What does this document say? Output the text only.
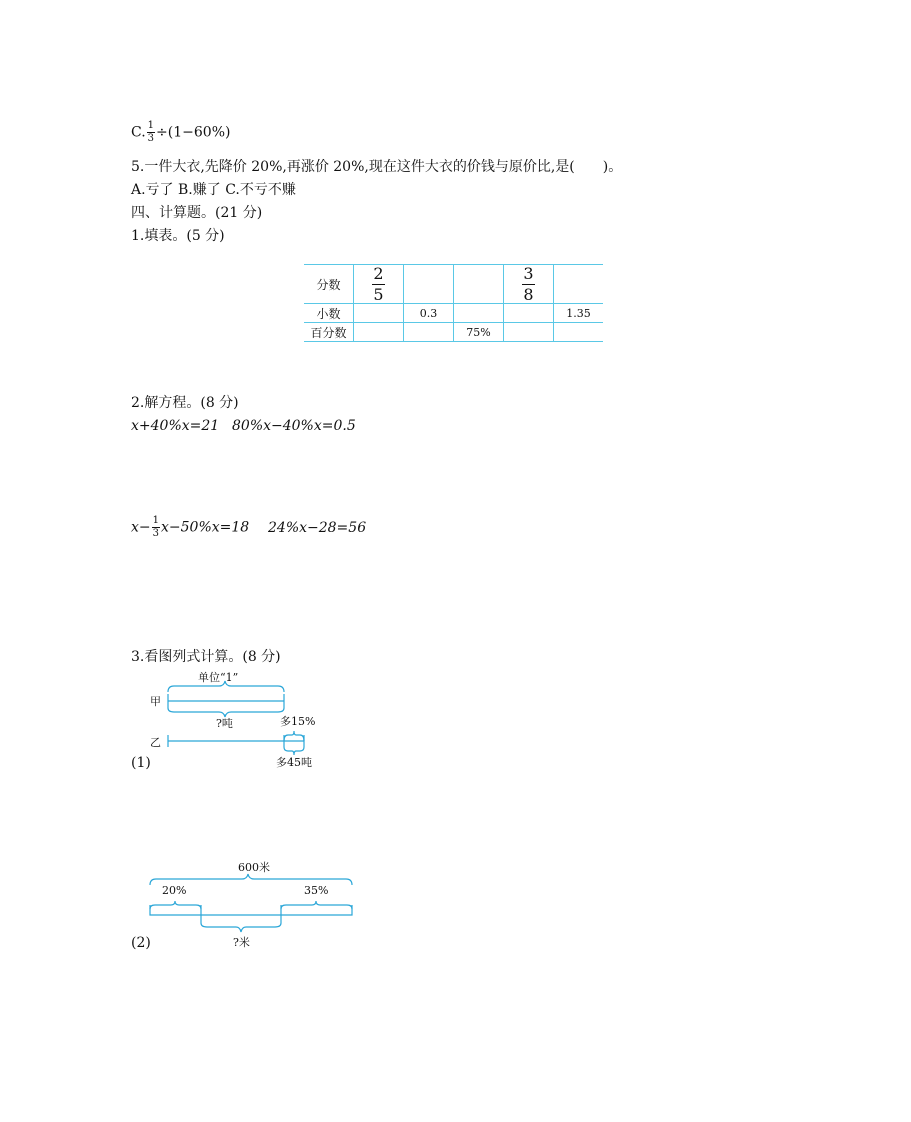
C. $\frac{1}{3} \div(1-60\%)$
5.一件大衣,先降价 20%,再涨价 20%,现在这件大衣的价钱与原价比,是(　　)。
A.亏了 B.赚了 C.不亏不赚
四、计算题。(21 分)
1.填表。(5 分)
分数	$\frac{2}{5}$			$\frac{3}{8}$

小数		0.3			1.35
百分数			75%		
2.解方程。(8 分)
x+40%x=21 80%x−40%x=0.5
$x- \frac{1}{3} x-50\%x=18$ 24%x−28=56
3.看图列式计算。(8 分)
单位“1”
甲
?吨	多15%
乙
多45吨
(1)
600米
20%	35%
?米
(2)
